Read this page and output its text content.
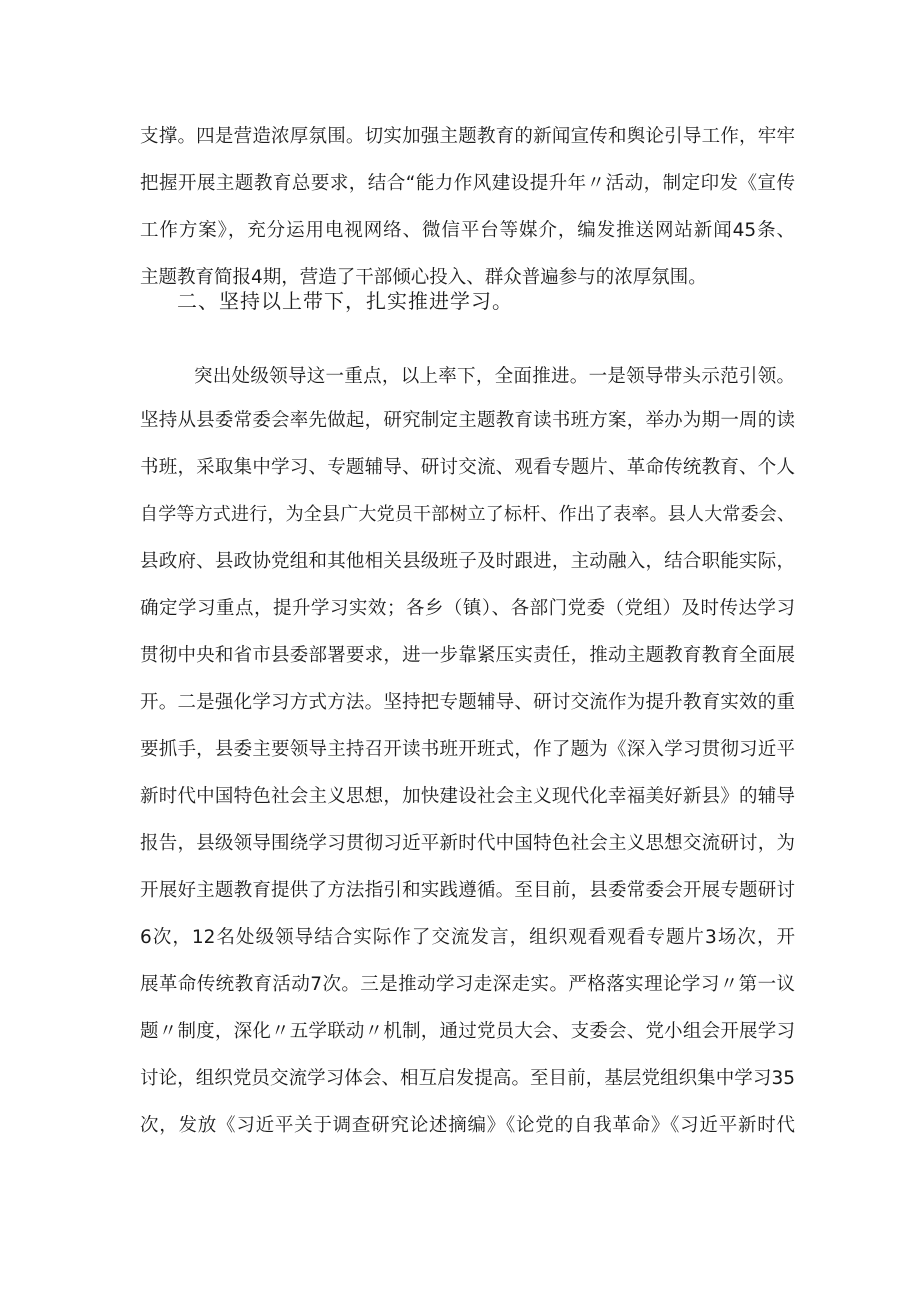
支撑。四是营造浓厚氛围。切实加强主题教育的新闻宣传和舆论引导工作，牢牢
把握开展主题教育总要求，结合“能力作风建设提升年〃活动，制定印发《宣传
工作方案》，充分运用电视网络、微信平台等媒介，编发推送网站新闻45条、
主题教育简报4期，营造了干部倾心投入、群众普遍参与的浓厚氛围。
二、坚持以上带下，扎实推进学习。
突出处级领导这一重点，以上率下，全面推进。一是领导带头示范引领。
坚持从县委常委会率先做起，研究制定主题教育读书班方案，举办为期一周的读
书班，采取集中学习、专题辅导、研讨交流、观看专题片、革命传统教育、个人
自学等方式进行，为全县广大党员干部树立了标杆、作出了表率。县人大常委会、
县政府、县政协党组和其他相关县级班子及时跟进，主动融入，结合职能实际，
确定学习重点，提升学习实效；各乡（镇）、各部门党委（党组）及时传达学习
贯彻中央和省市县委部署要求，进一步靠紧压实责任，推动主题教育教育全面展
开。二是强化学习方式方法。坚持把专题辅导、研讨交流作为提升教育实效的重
要抓手，县委主要领导主持召开读书班开班式，作了题为《深入学习贯彻习近平
新时代中国特色社会主义思想，加快建设社会主义现代化幸福美好新县》的辅导
报告，县级领导围绕学习贯彻习近平新时代中国特色社会主义思想交流研讨，为
开展好主题教育提供了方法指引和实践遵循。至目前，县委常委会开展专题研讨
6次，12名处级领导结合实际作了交流发言，组织观看观看专题片3场次，开
展革命传统教育活动7次。三是推动学习走深走实。严格落实理论学习〃第一议
题〃制度，深化〃五学联动〃机制，通过党员大会、支委会、党小组会开展学习
讨论，组织党员交流学习体会、相互启发提高。至目前，基层党组织集中学习35
次，发放《习近平关于调查研究论述摘编》《论党的自我革命》《习近平新时代
